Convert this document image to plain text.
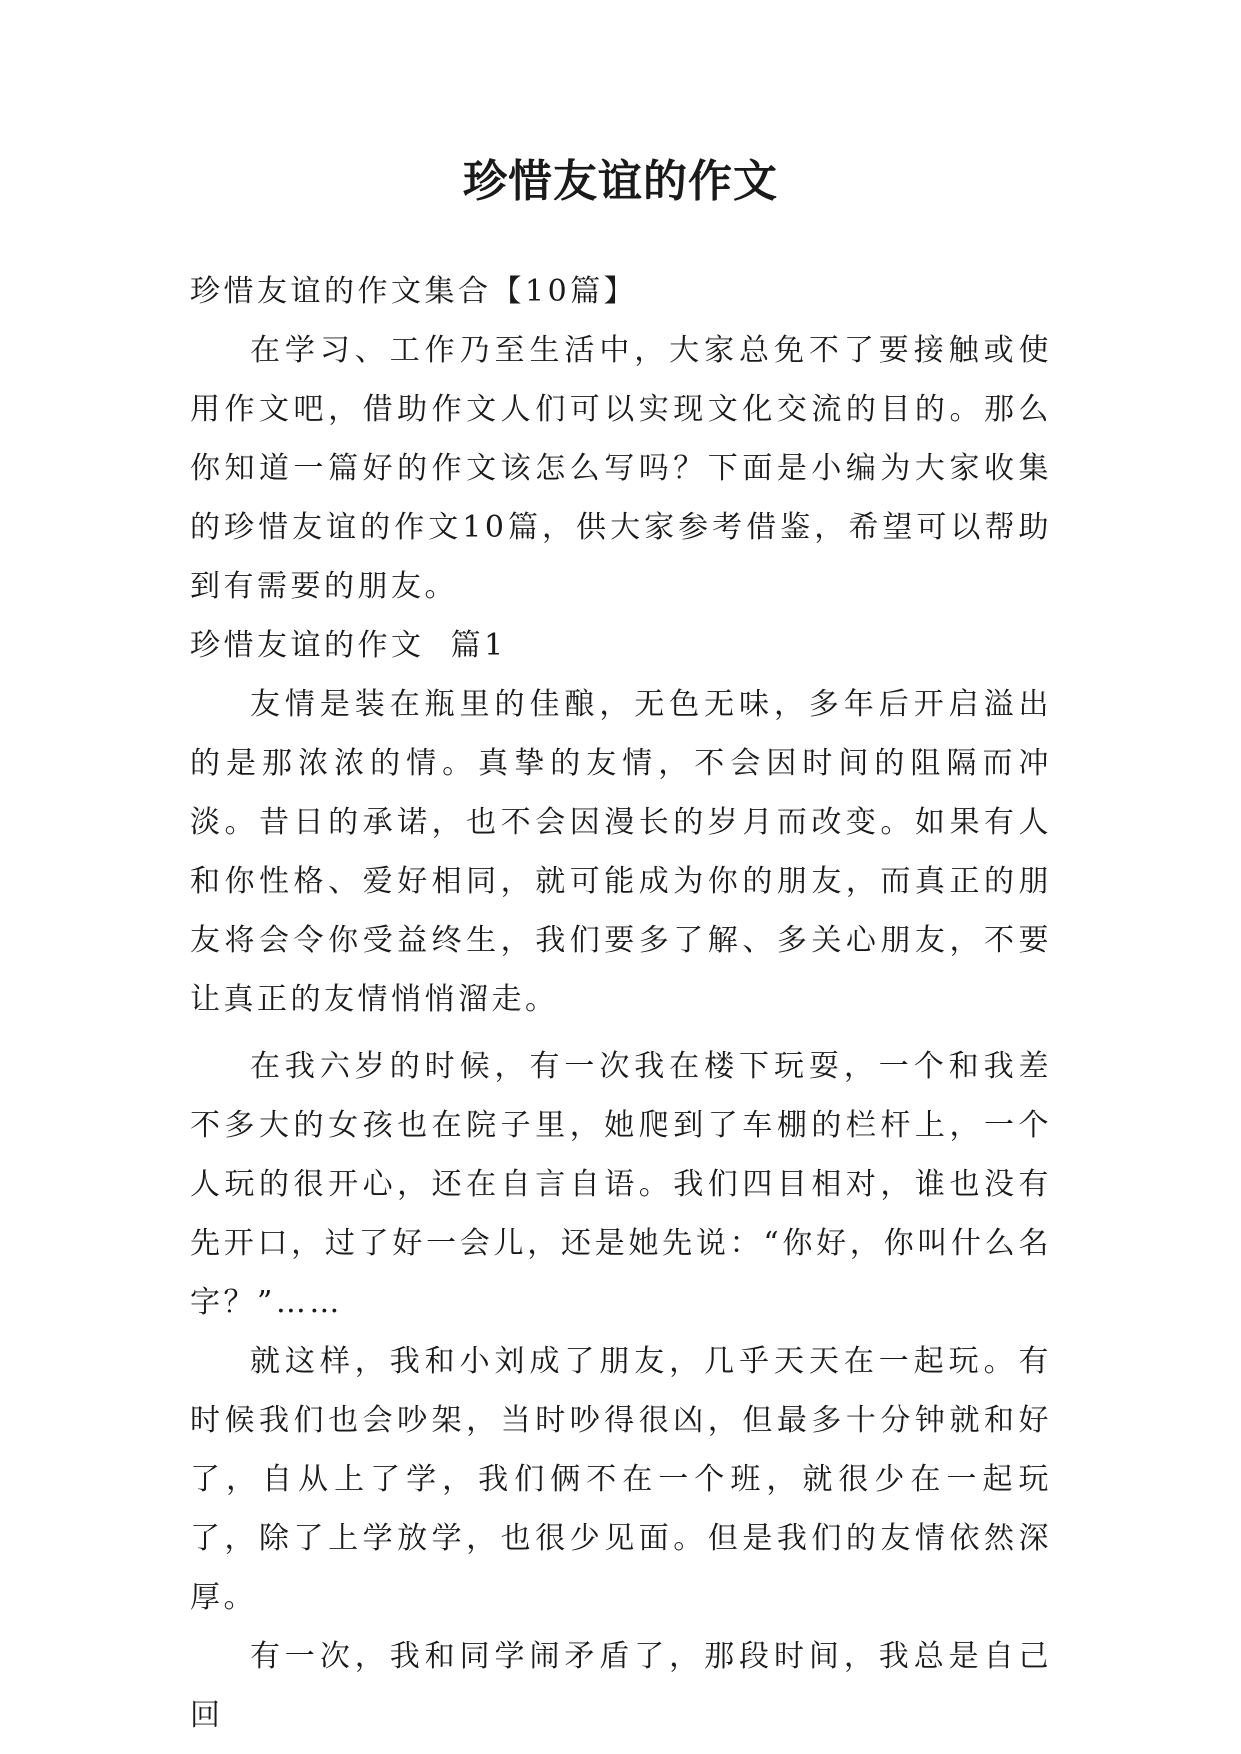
珍惜友谊的作文

珍惜友谊的作文集合【10篇】

在学习、工作乃至生活中，大家总免不了要接触或使用作文吧，借助作文人们可以实现文化交流的目的。那么你知道一篇好的作文该怎么写吗？下面是小编为大家收集的珍惜友谊的作文10篇，供大家参考借鉴，希望可以帮助到有需要的朋友。

珍惜友谊的作文  篇1

友情是装在瓶里的佳酿，无色无味，多年后开启溢出的是那浓浓的情。真挚的友情，不会因时间的阻隔而冲淡。昔日的承诺，也不会因漫长的岁月而改变。如果有人和你性格、爱好相同，就可能成为你的朋友，而真正的朋友将会令你受益终生，我们要多了解、多关心朋友，不要让真正的友情悄悄溜走。

在我六岁的时候，有一次我在楼下玩耍，一个和我差不多大的女孩也在院子里，她爬到了车棚的栏杆上，一个人玩的很开心，还在自言自语。我们四目相对，谁也没有先开口，过了好一会儿，还是她先说：“你好，你叫什么名字？”……

就这样，我和小刘成了朋友，几乎天天在一起玩。有时候我们也会吵架，当时吵得很凶，但最多十分钟就和好了，自从上了学，我们俩不在一个班，就很少在一起玩了，除了上学放学，也很少见面。但是我们的友情依然深厚。

有一次，我和同学闹矛盾了，那段时间，我总是自己回
